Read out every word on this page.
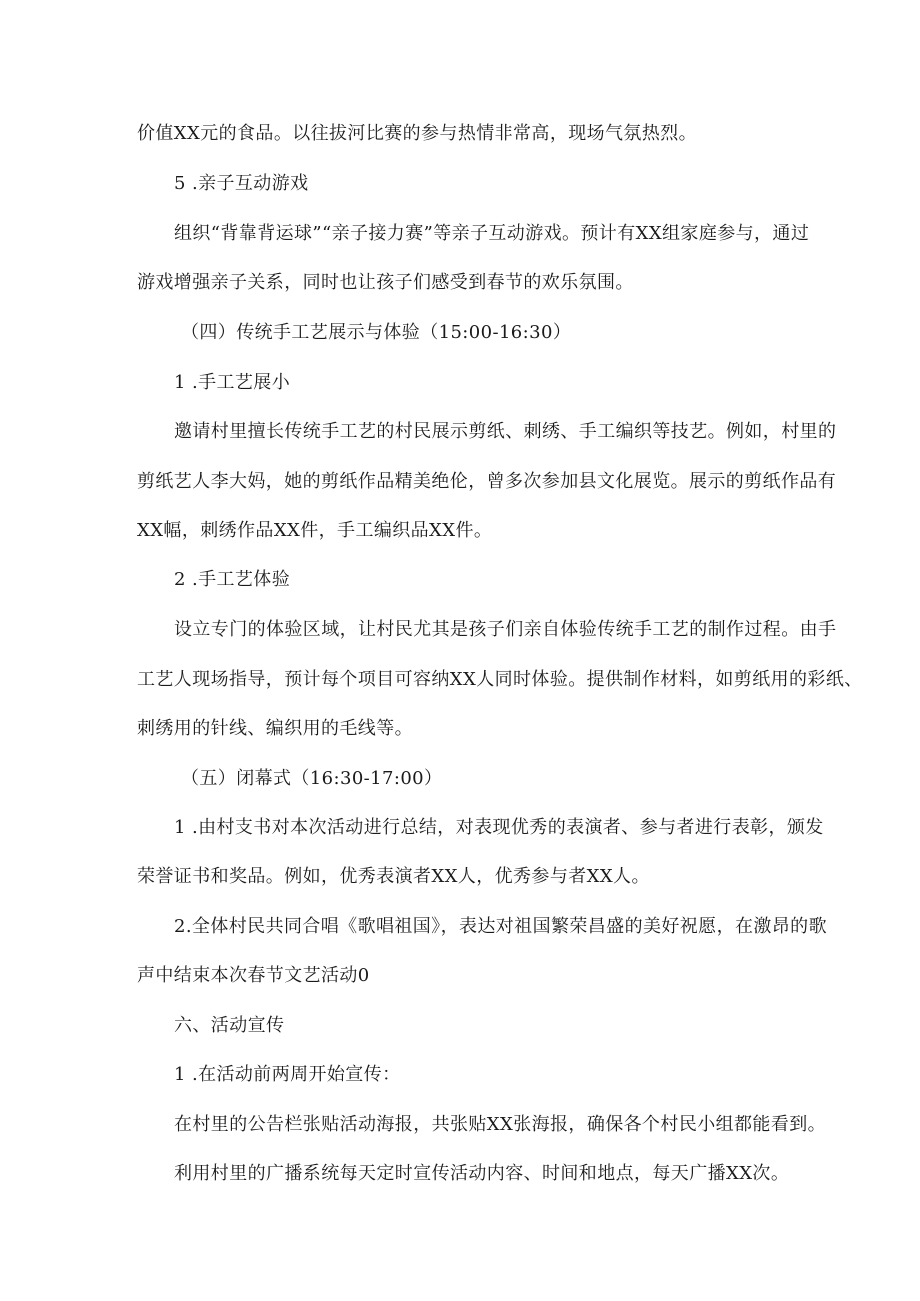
价值XX元的食品。以往拔河比赛的参与热情非常高，现场气氛热烈。
5 .亲子互动游戏
组织“背靠背运球”“亲子接力赛”等亲子互动游戏。预计有XX组家庭参与，通过
游戏增强亲子关系，同时也让孩子们感受到春节的欢乐氛围。
（四）传统手工艺展示与体验（15:00-16:30）
1 .手工艺展小
邀请村里擅长传统手工艺的村民展示剪纸、刺绣、手工编织等技艺。例如，村里的
剪纸艺人李大妈，她的剪纸作品精美绝伦，曾多次参加县文化展览。展示的剪纸作品有
XX幅，刺绣作品XX件，手工编织品XX件。
2 .手工艺体验
设立专门的体验区域，让村民尤其是孩子们亲自体验传统手工艺的制作过程。由手
工艺人现场指导，预计每个项目可容纳XX人同时体验。提供制作材料，如剪纸用的彩纸、
刺绣用的针线、编织用的毛线等。
（五）闭幕式（16:30-17:00）
1 .由村支书对本次活动进行总结，对表现优秀的表演者、参与者进行表彰，颁发
荣誉证书和奖品。例如，优秀表演者XX人，优秀参与者XX人。
2.全体村民共同合唱《歌唱祖国》，表达对祖国繁荣昌盛的美好祝愿，在激昂的歌
声中结束本次春节文艺活动0
六、活动宣传
1 .在活动前两周开始宣传：
在村里的公告栏张贴活动海报，共张贴XX张海报，确保各个村民小组都能看到。
利用村里的广播系统每天定时宣传活动内容、时间和地点，每天广播XX次。
